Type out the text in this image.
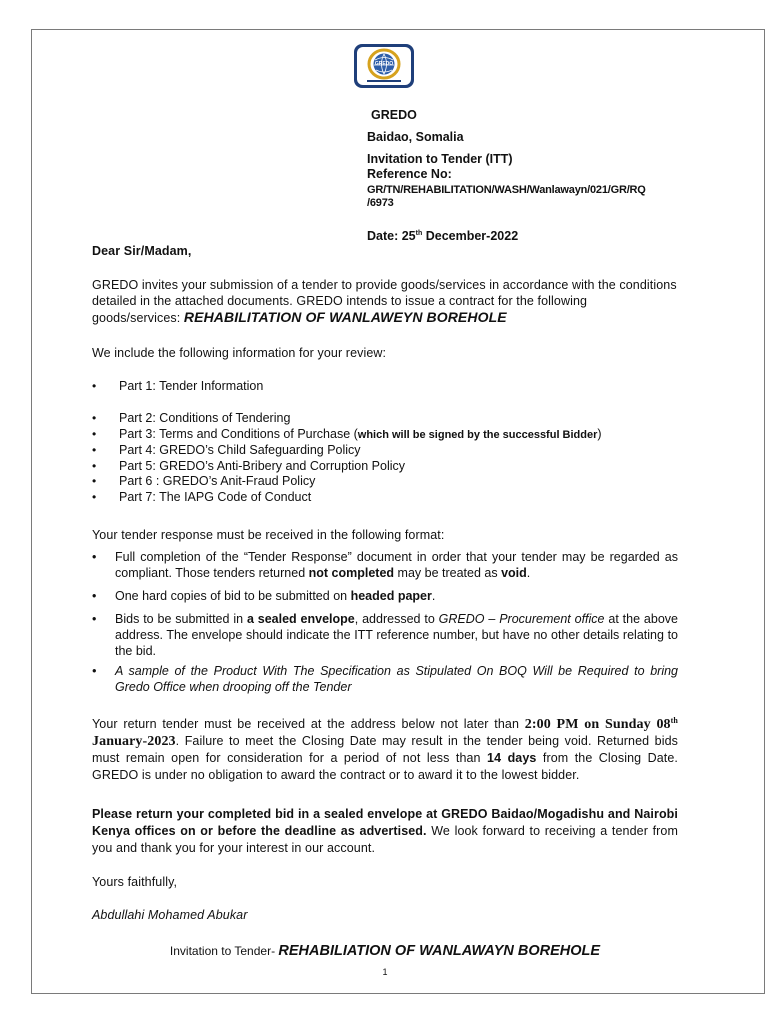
GREDO
GREDO
Baidao, Somalia
Invitation to Tender (ITT)
Reference No:
GR/TN/REHABILITATION/WASH/Wanlawayn/021/GR/RQ
/6973
Date: 25th December-2022
Dear Sir/Madam,
GREDO invites your submission of a tender to provide goods/services in accordance with the conditions detailed in the attached documents. GREDO intends to issue a contract for the following goods/services: REHABILITATION OF WANLAWEYN BOREHOLE
We include the following information for your review:
• Part 1: Tender Information
• Part 2: Conditions of Tendering
• Part 3: Terms and Conditions of Purchase (which will be signed by the successful Bidder)
• Part 4: GREDO’s Child Safeguarding Policy
• Part 5: GREDO’s Anti-Bribery and Corruption Policy
• Part 6 : GREDO’s Anit-Fraud Policy
• Part 7: The IAPG Code of Conduct
Your tender response must be received in the following format:
• Full completion of the “Tender Response” document in order that your tender may be regarded as compliant. Those tenders returned not completed may be treated as void.
• One hard copies of bid to be submitted on headed paper.
• Bids to be submitted in a sealed envelope, addressed to GREDO – Procurement office at the above address. The envelope should indicate the ITT reference number, but have no other details relating to the bid.
• A sample of the Product With The Specification as Stipulated On BOQ Will be Required to bring Gredo Office when drooping off the Tender
Your return tender must be received at the address below not later than 2:00 PM on Sunday 08th January-2023. Failure to meet the Closing Date may result in the tender being void. Returned bids must remain open for consideration for a period of not less than 14 days from the Closing Date. GREDO is under no obligation to award the contract or to award it to the lowest bidder.
Please return your completed bid in a sealed envelope at GREDO Baidao/Mogadishu and Nairobi Kenya offices on or before the deadline as advertised. We look forward to receiving a tender from you and thank you for your interest in our account.
Yours faithfully,
Abdullahi Mohamed Abukar
Invitation to Tender- REHABILIATION OF WANLAWAYN BOREHOLE
1
